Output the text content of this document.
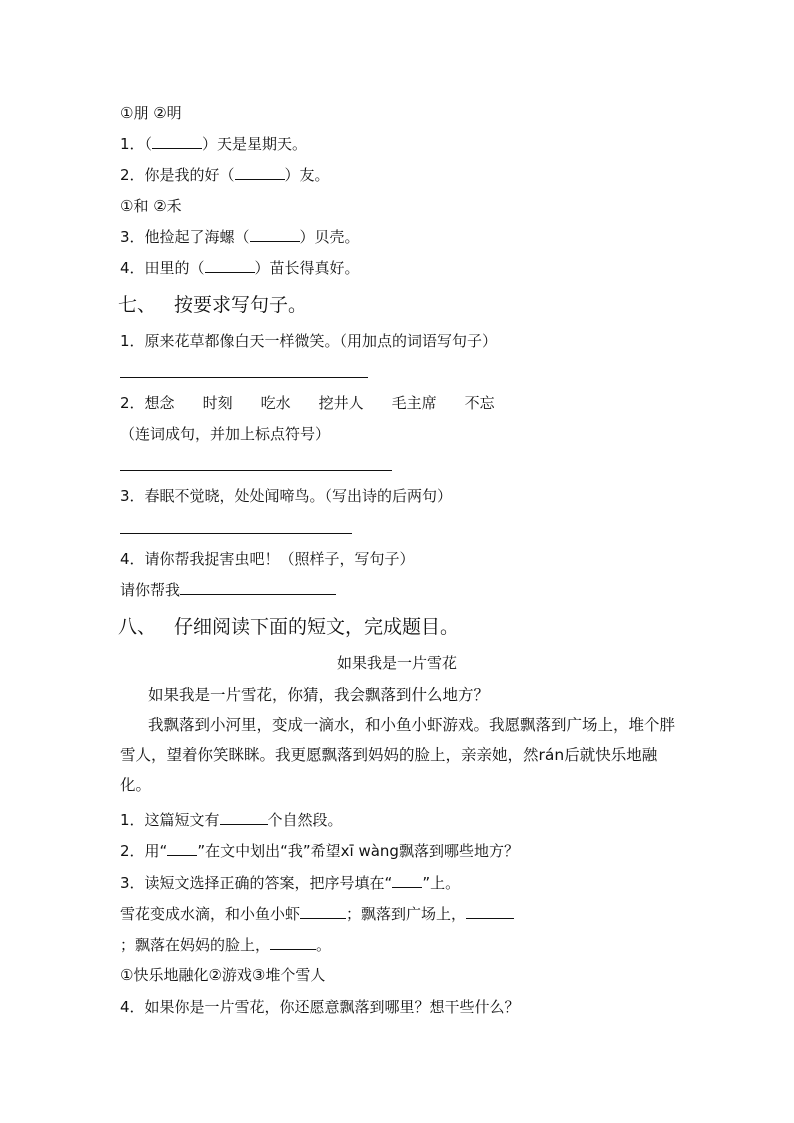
①朋 ②明
1．（	）天是星期天。
2．你是我的好（	）友。
①和 ②禾
3．他捡起了海螺（	）贝壳。
4．田里的（	）苗长得真好。
七、 按要求写句子。
1．原来花草都像白天一样微笑。（用加点的词语写句子）
2．想念 时刻 吃水 挖井人 毛主席 不忘
（连词成句，并加上标点符号）
3．春眠不觉晓，处处闻啼鸟。（写出诗的后两句）
4．请你帮我捉害虫吧！（照样子，写句子）
请你帮我
八、 仔细阅读下面的短文，完成题目。
如果我是一片雪花
如果我是一片雪花，你猜，我会飘落到什么地方？
我飘落到小河里，变成一滴水，和小鱼小虾游戏。我愿飘落到广场上，堆个胖雪人，望着你笑眯眯。我更愿飘落到妈妈的脸上，亲亲她，然rán后就快乐地融化。
1．这篇短文有	个自然段。
2．用“ ”在文中划出“我”希望xī wàng飘落到哪些地方？
3．读短文选择正确的答案，把序号填在“ ”上。
雪花变成水滴，和小鱼小虾	；飘落到广场上，
；飘落在妈妈的脸上，	。
①快乐地融化②游戏③堆个雪人
4．如果你是一片雪花，你还愿意飘落到哪里？想干些什么？
